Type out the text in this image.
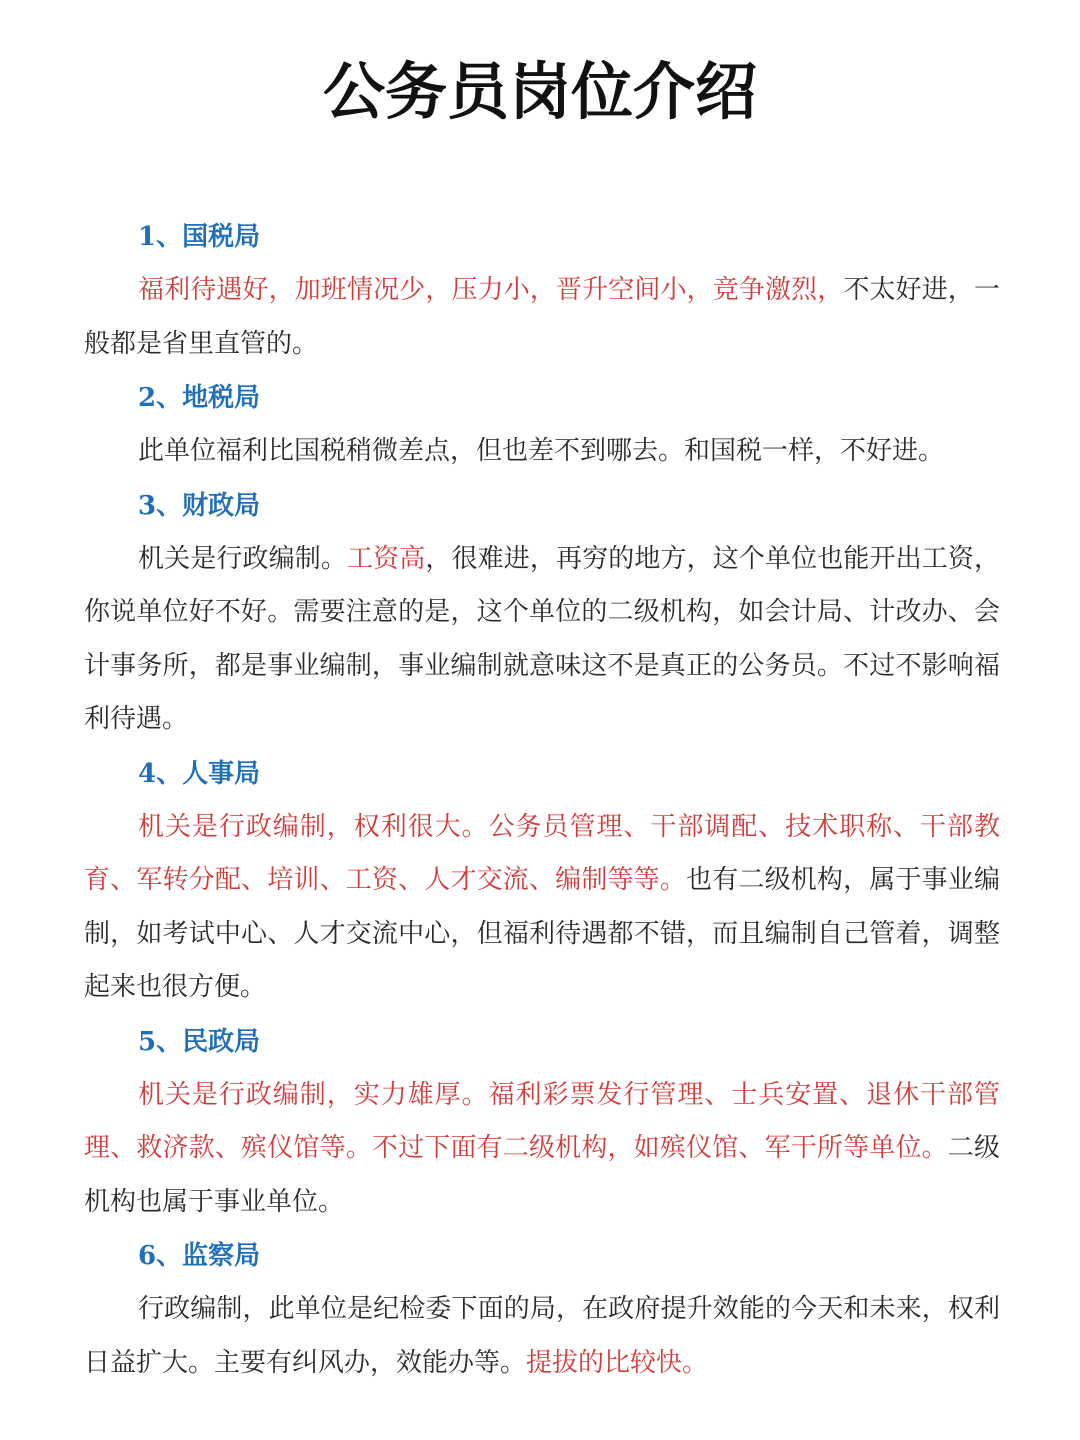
公务员岗位介绍
1、国税局

福利待遇好，加班情况少，压力小，晋升空间小，竞争激烈，不太好进，一般都是省里直管的。

2、地税局

此单位福利比国税稍微差点，但也差不到哪去。和国税一样，不好进。

3、财政局

机关是行政编制。工资高，很难进，再穷的地方，这个单位也能开出工资，你说单位好不好。需要注意的是，这个单位的二级机构，如会计局、计改办、会计事务所，都是事业编制，事业编制就意味这不是真正的公务员。不过不影响福利待遇。

4、人事局

机关是行政编制，权利很大。公务员管理、干部调配、技术职称、干部教育、军转分配、培训、工资、人才交流、编制等等。也有二级机构，属于事业编制，如考试中心、人才交流中心，但福利待遇都不错，而且编制自己管着，调整起来也很方便。

5、民政局

机关是行政编制，实力雄厚。福利彩票发行管理、士兵安置、退休干部管理、救济款、殡仪馆等。不过下面有二级机构，如殡仪馆、军干所等单位。二级机构也属于事业单位。

6、监察局

行政编制，此单位是纪检委下面的局，在政府提升效能的今天和未来，权利日益扩大。主要有纠风办，效能办等。提拔的比较快。
